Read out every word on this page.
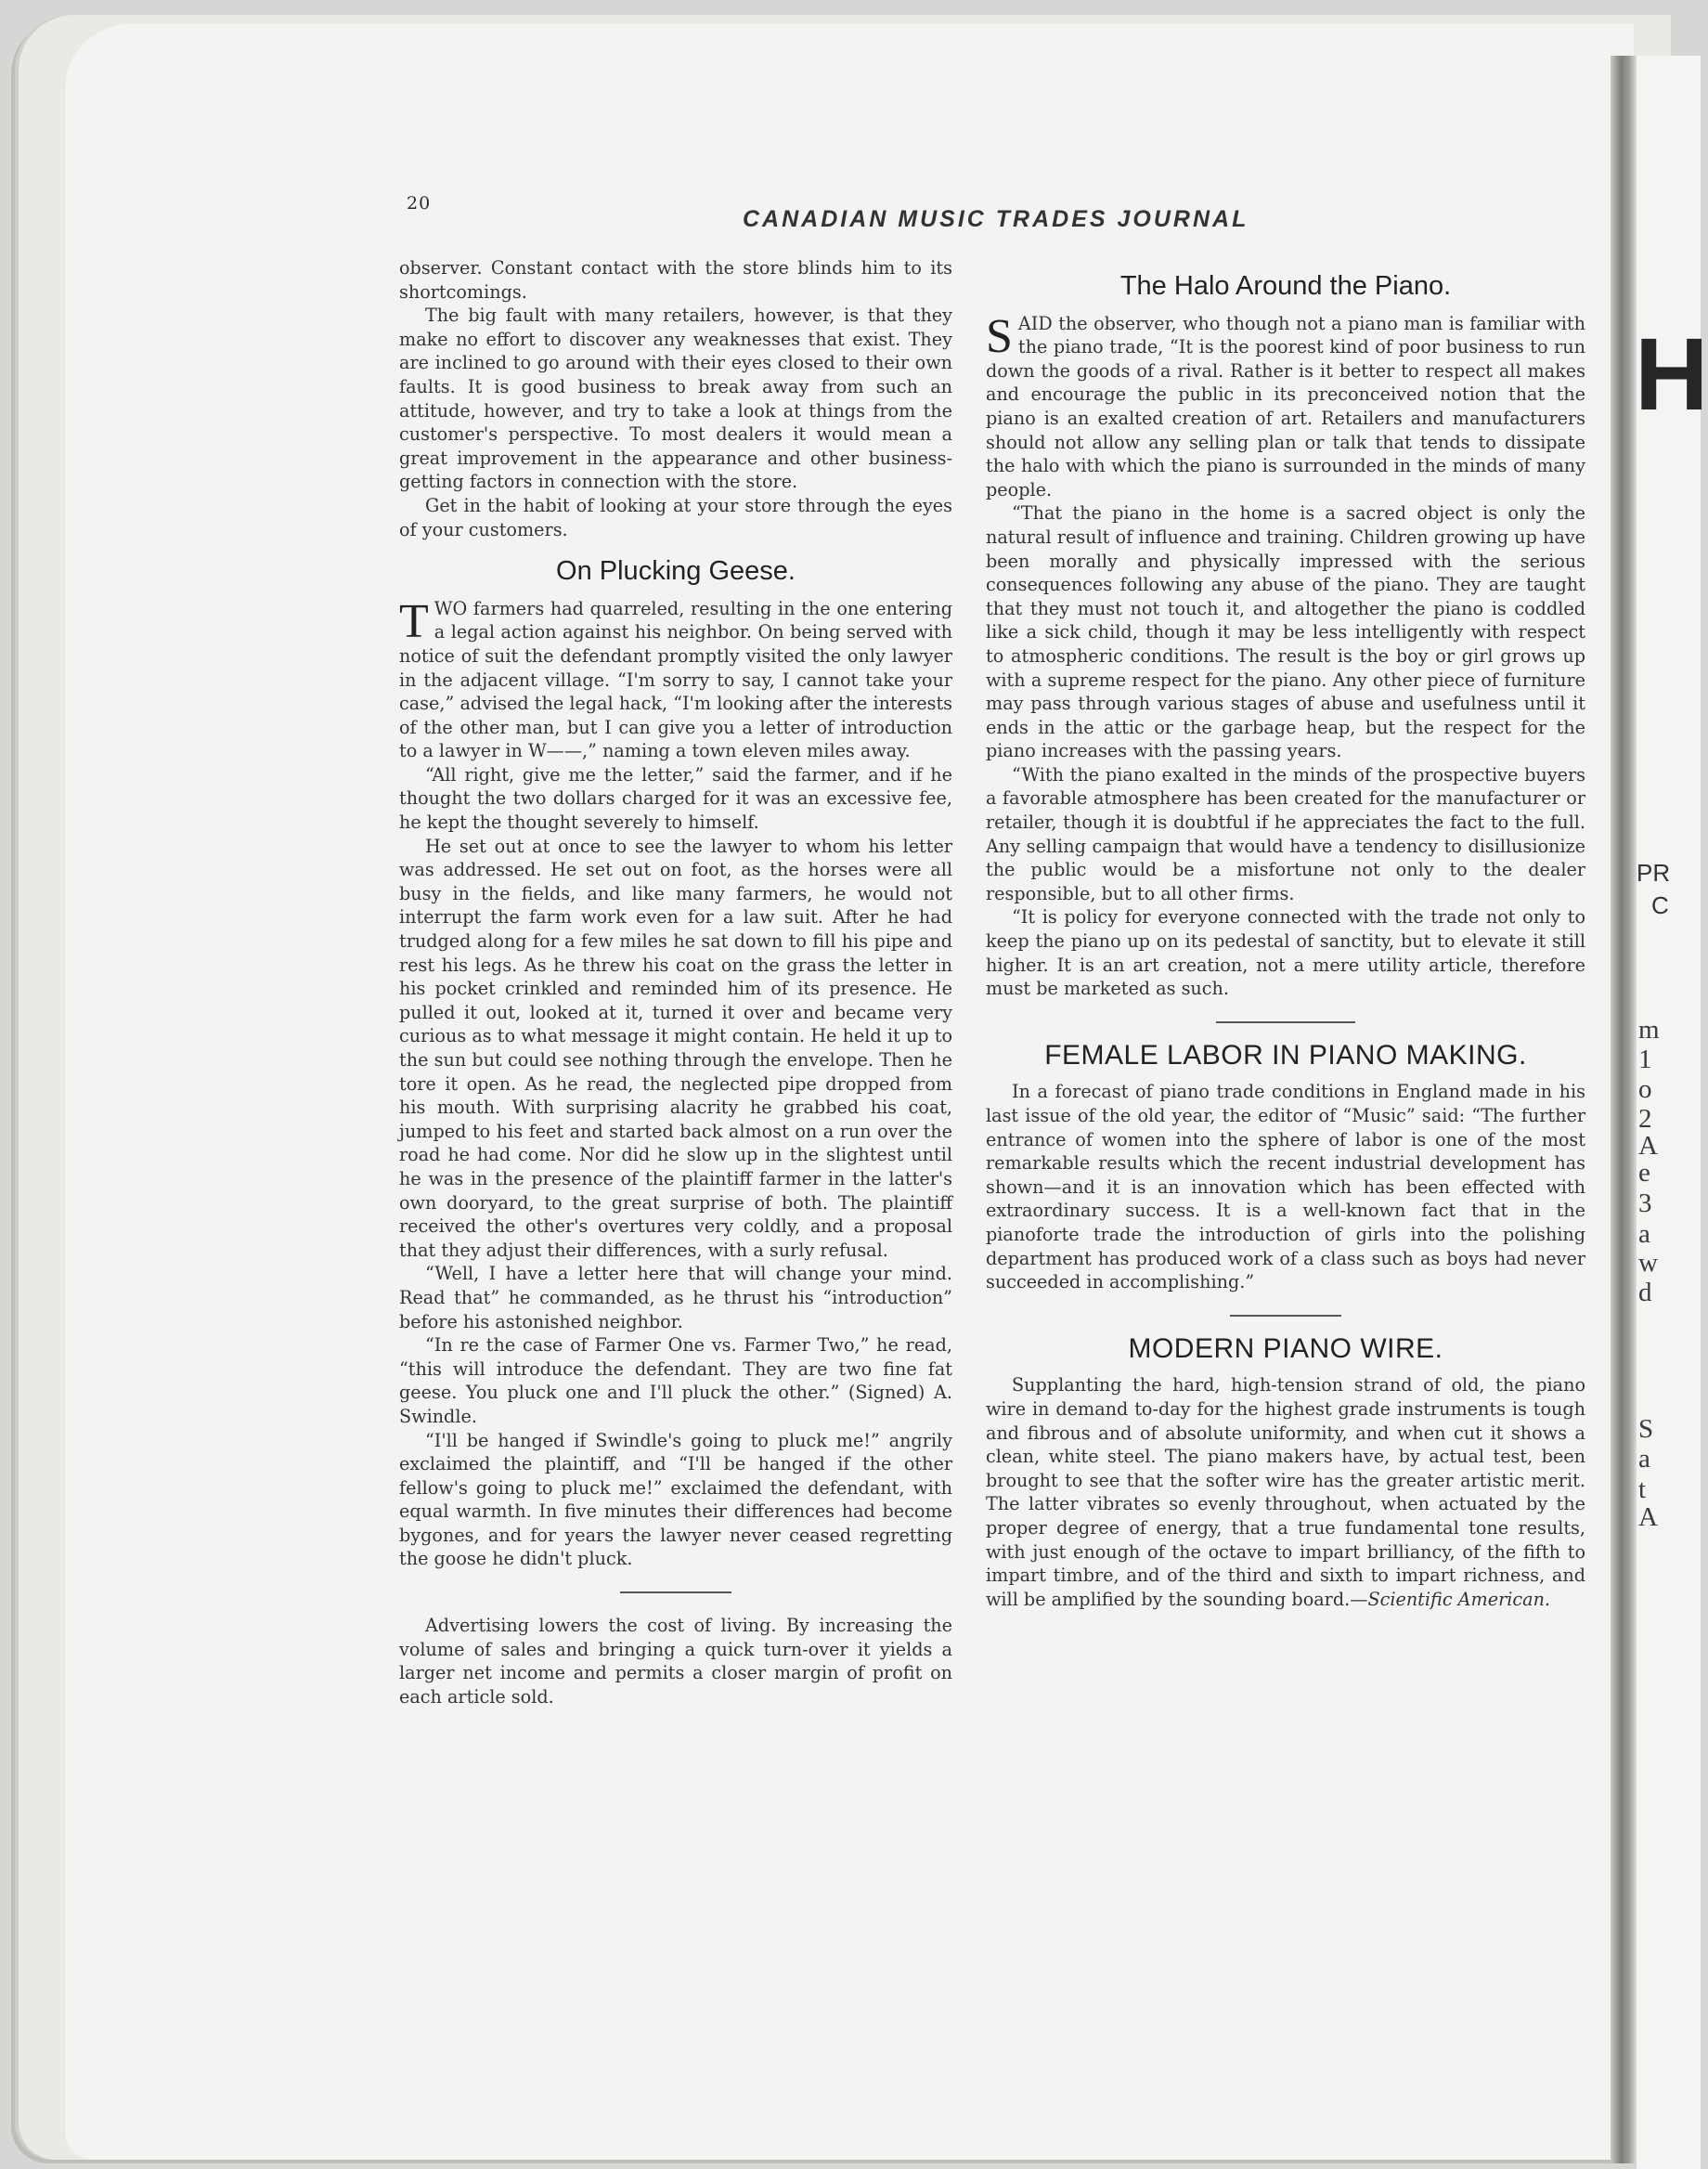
H
PR
C
m
1
o
2
A
e
3
a
w
d
S
a
t
A
20
CANADIAN MUSIC TRADES JOURNAL

observer. Constant contact with the store blinds him to its shortcomings.

The big fault with many retailers, however, is that they make no effort to discover any weaknesses that exist. They are inclined to go around with their eyes closed to their own faults. It is good business to break away from such an attitude, however, and try to take a look at things from the customer's perspective. To most dealers it would mean a great improvement in the appearance and other business-getting factors in connection with the store.

Get in the habit of looking at your store through the eyes of your customers.

On Plucking Geese.

TWO farmers had quarreled, resulting in the one entering a legal action against his neighbor. On being served with notice of suit the defendant promptly visited the only lawyer in the adjacent village. “I'm sorry to say, I cannot take your case,” advised the legal hack, “I'm looking after the interests of the other man, but I can give you a letter of introduction to a lawyer in W——,” naming a town eleven miles away.

“All right, give me the letter,” said the farmer, and if he thought the two dollars charged for it was an excessive fee, he kept the thought severely to himself.

He set out at once to see the lawyer to whom his letter was addressed. He set out on foot, as the horses were all busy in the fields, and like many farmers, he would not interrupt the farm work even for a law suit. After he had trudged along for a few miles he sat down to fill his pipe and rest his legs. As he threw his coat on the grass the letter in his pocket crinkled and reminded him of its presence. He pulled it out, looked at it, turned it over and became very curious as to what message it might contain. He held it up to the sun but could see nothing through the envelope. Then he tore it open. As he read, the neglected pipe dropped from his mouth. With surprising alacrity he grabbed his coat, jumped to his feet and started back almost on a run over the road he had come. Nor did he slow up in the slightest until he was in the presence of the plaintiff farmer in the latter's own dooryard, to the great surprise of both. The plaintiff received the other's overtures very coldly, and a proposal that they adjust their differences, with a surly refusal.

“Well, I have a letter here that will change your mind. Read that” he commanded, as he thrust his “introduction” before his astonished neighbor.

“In re the case of Farmer One vs. Farmer Two,” he read, “this will introduce the defendant. They are two fine fat geese. You pluck one and I'll pluck the other.” (Signed) A. Swindle.

“I'll be hanged if Swindle's going to pluck me!” angrily exclaimed the plaintiff, and “I'll be hanged if the other fellow's going to pluck me!” exclaimed the defendant, with equal warmth. In five minutes their differences had become bygones, and for years the lawyer never ceased regretting the goose he didn't pluck.

Advertising lowers the cost of living. By increasing the volume of sales and bringing a quick turn-over it yields a larger net income and permits a closer margin of profit on each article sold.

The Halo Around the Piano.

SAID the observer, who though not a piano man is familiar with the piano trade, “It is the poorest kind of poor business to run down the goods of a rival. Rather is it better to respect all makes and encourage the public in its preconceived notion that the piano is an exalted creation of art. Retailers and manufacturers should not allow any selling plan or talk that tends to dissipate the halo with which the piano is surrounded in the minds of many people.

“That the piano in the home is a sacred object is only the natural result of influence and training. Children growing up have been morally and physically impressed with the serious consequences following any abuse of the piano. They are taught that they must not touch it, and altogether the piano is coddled like a sick child, though it may be less intelligently with respect to atmospheric conditions. The result is the boy or girl grows up with a supreme respect for the piano. Any other piece of furniture may pass through various stages of abuse and usefulness until it ends in the attic or the garbage heap, but the respect for the piano increases with the passing years.

“With the piano exalted in the minds of the prospective buyers a favorable atmosphere has been created for the manufacturer or retailer, though it is doubtful if he appreciates the fact to the full. Any selling campaign that would have a tendency to disillusionize the public would be a misfortune not only to the dealer responsible, but to all other firms.

“It is policy for everyone connected with the trade not only to keep the piano up on its pedestal of sanctity, but to elevate it still higher. It is an art creation, not a mere utility article, therefore must be marketed as such.

FEMALE LABOR IN PIANO MAKING.

In a forecast of piano trade conditions in England made in his last issue of the old year, the editor of “Music” said: “The further entrance of women into the sphere of labor is one of the most remarkable results which the recent industrial development has shown—and it is an innovation which has been effected with extraordinary success. It is a well-known fact that in the pianoforte trade the introduction of girls into the polishing department has produced work of a class such as boys had never succeeded in accomplishing.”

MODERN PIANO WIRE.

Supplanting the hard, high-tension strand of old, the piano wire in demand to-day for the highest grade instruments is tough and fibrous and of absolute uniformity, and when cut it shows a clean, white steel. The piano makers have, by actual test, been brought to see that the softer wire has the greater artistic merit. The latter vibrates so evenly throughout, when actuated by the proper degree of energy, that a true fundamental tone results, with just enough of the octave to impart brilliancy, of the fifth to impart timbre, and of the third and sixth to impart richness, and will be amplified by the sounding board.—Scientific American.
